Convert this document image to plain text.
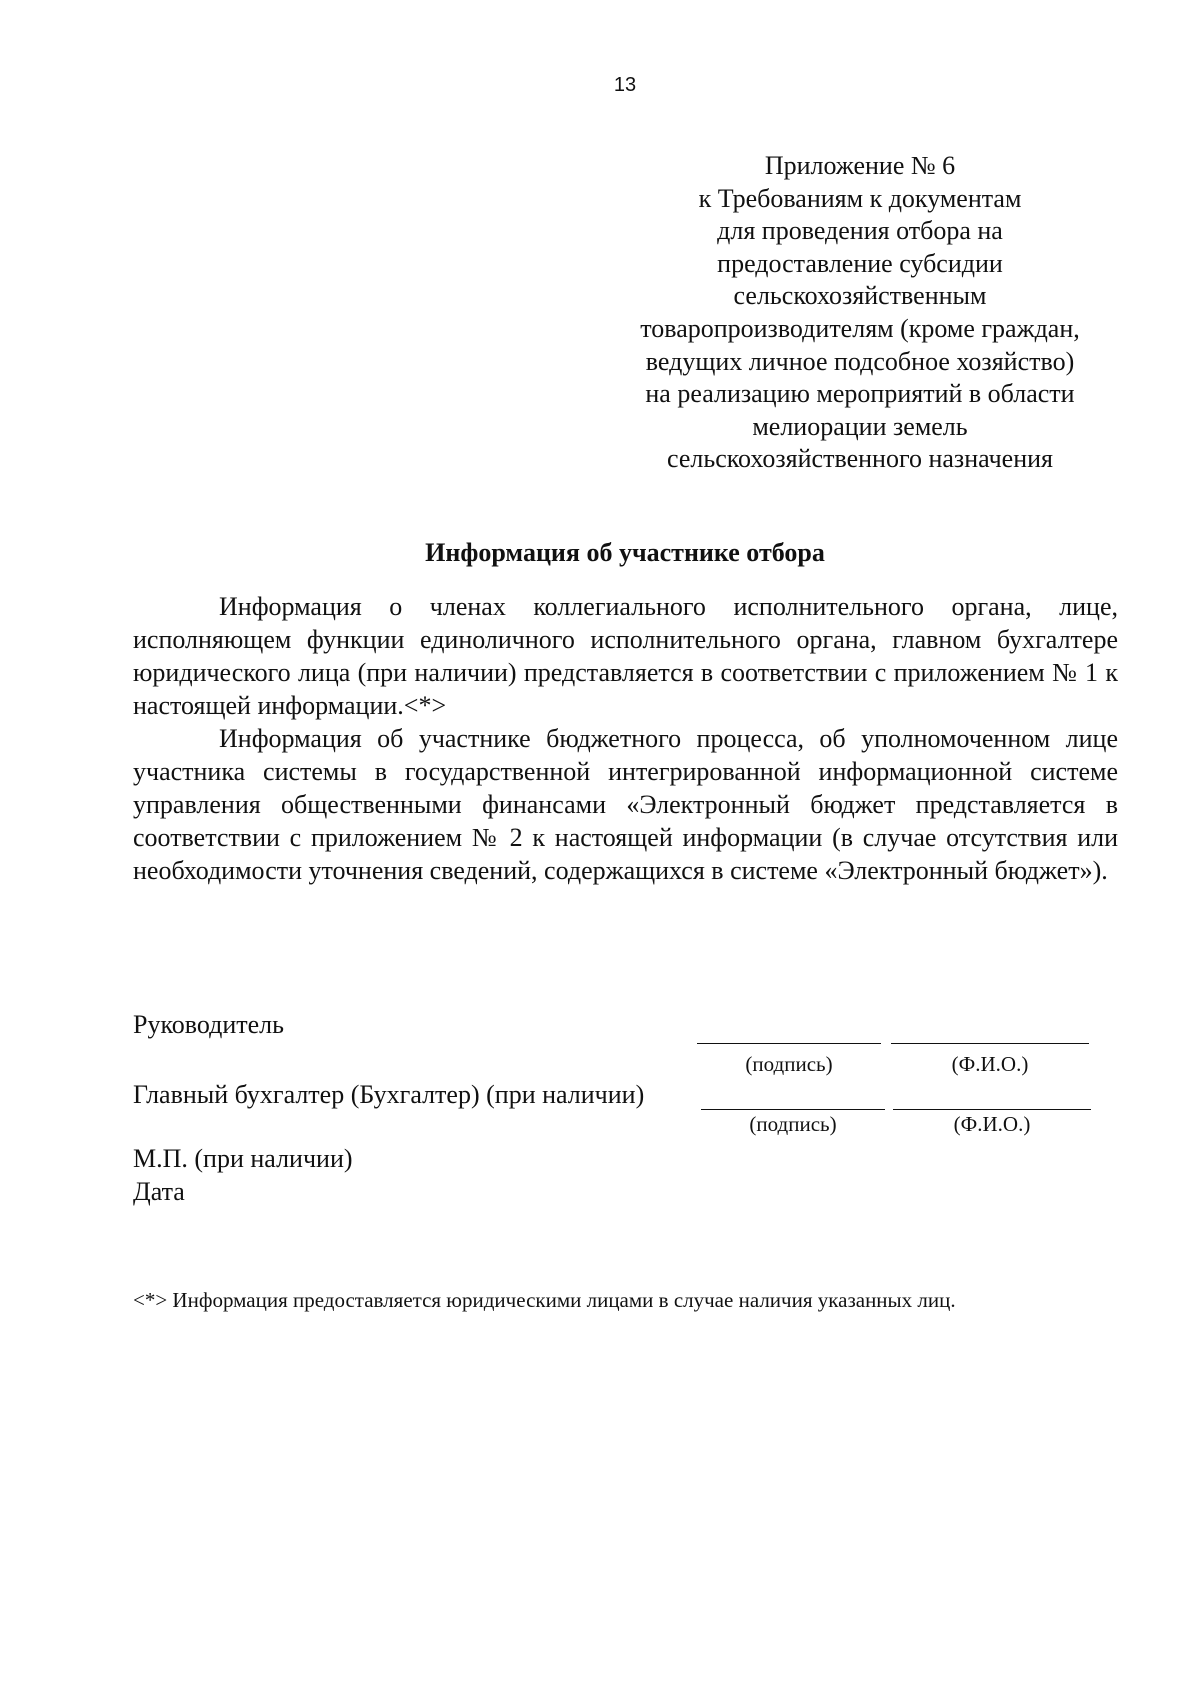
13
Приложение № 6
к Требованиям к документам
для проведения отбора на
предоставление субсидии
сельскохозяйственным
товаропроизводителям (кроме граждан,
ведущих личное подсобное хозяйство)
на реализацию мероприятий в области
мелиорации земель
сельскохозяйственного назначения
Информация об участнике отбора

Информация о членах коллегиального исполнительного органа, лице, исполняющем функции единоличного исполнительного органа, главном бухгалтере юридического лица (при наличии) представляется в соответствии с приложением № 1 к настоящей информации.<*>

Информация об участнике бюджетного процесса, об уполномоченном лице участника системы в государственной интегрированной информационной системе управления общественными финансами «Электронный бюджет представляется в соответствии с приложением № 2 к настоящей информации (в случае отсутствия или необходимости уточнения сведений, содержащихся в системе «Электронный бюджет»).

Руководитель
(подпись)	(Ф.И.О.)
Главный бухгалтер (Бухгалтер) (при наличии)
(подпись)	(Ф.И.О.)
М.П. (при наличии)
Дата
<*> Информация предоставляется юридическими лицами в случае наличия указанных лиц.
